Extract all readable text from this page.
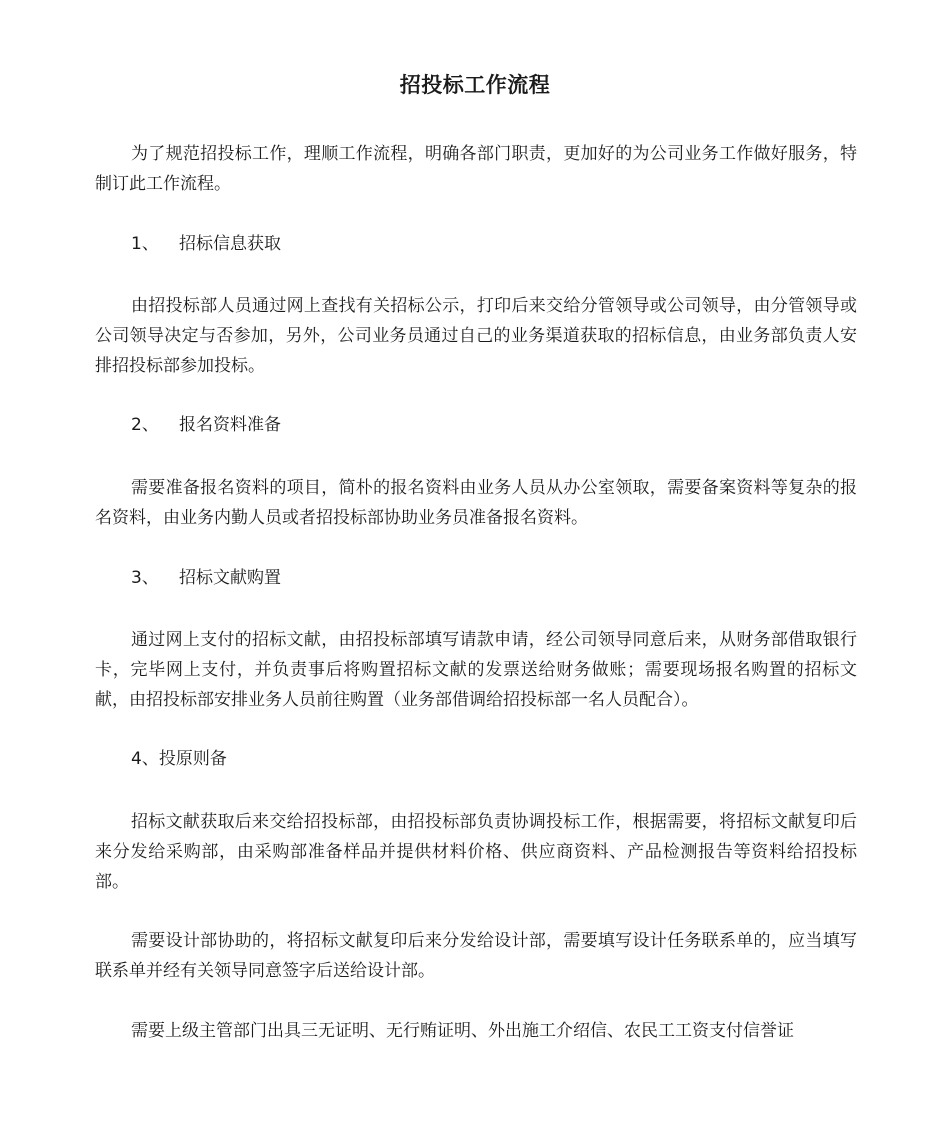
招投标工作流程

为了规范招投标工作，理顺工作流程，明确各部门职责，更加好的为公司业务工作做好服务，特制订此工作流程。

1、 招标信息获取

由招投标部人员通过网上查找有关招标公示，打印后来交给分管领导或公司领导，由分管领导或公司领导决定与否参加，另外，公司业务员通过自己的业务渠道获取的招标信息，由业务部负责人安排招投标部参加投标。

2、 报名资料准备

需要准备报名资料的项目，简朴的报名资料由业务人员从办公室领取，需要备案资料等复杂的报名资料，由业务内勤人员或者招投标部协助业务员准备报名资料。

3、 招标文献购置

通过网上支付的招标文献，由招投标部填写请款申请，经公司领导同意后来，从财务部借取银行卡，完毕网上支付，并负责事后将购置招标文献的发票送给财务做账；需要现场报名购置的招标文献，由招投标部安排业务人员前往购置（业务部借调给招投标部一名人员配合）。

4、投原则备

招标文献获取后来交给招投标部，由招投标部负责协调投标工作，根据需要，将招标文献复印后来分发给采购部，由采购部准备样品并提供材料价格、供应商资料、产品检测报告等资料给招投标部。

需要设计部协助的，将招标文献复印后来分发给设计部，需要填写设计任务联系单的，应当填写联系单并经有关领导同意签字后送给设计部。

需要上级主管部门出具三无证明、无行贿证明、外出施工介绍信、农民工工资支付信誉证
